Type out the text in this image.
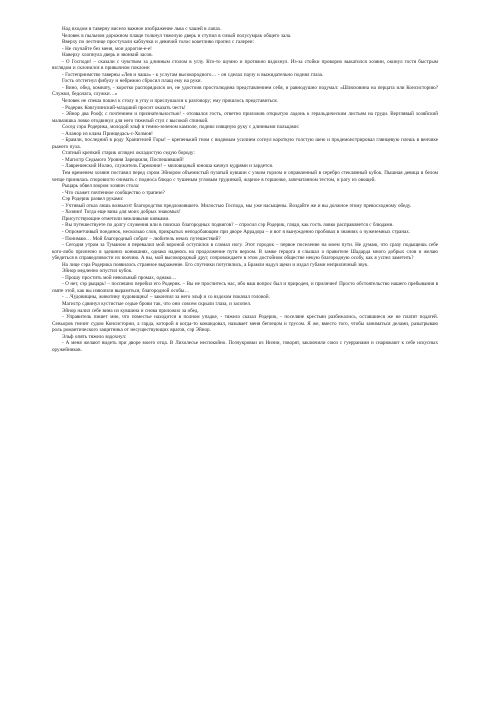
Над входом в таверну висело важное изображение льва с чашей в лапах.

Человек в пыльном дорожном плаще толкнул тяжелую дверь и ступил в сизый полусумрак общего зала.

Вверху по лестнице простучали каблучки и девичий голос кокетливо пропел с галереи:

- Не скучайте без меня, мои дорогие-е-е!

Наверху хлопнула дверь и звонкий засов.

- О Господи! – сказали с чувством за длинным столом в углу. Кто-то шумно и протяжно вздохнул. Из-за стойки проворно выкатился хозяин, окинул гостя быстрым взглядом и склонился в привычном поклоне:

- Гостеприимство таверны «Лев и чаша» - к услугам высокородного… - он сделал паузу и выжидательно поднял глаза.

Гость отстегнул фибулу и небрежно сбросил плащ ему на руки.

- Вино, обед, комнату, - коротко распорядился он, не удостоив простолюдина представлением себя, и равнодушно подумал: «Шлюховина на перцата или Консисторию? Служки, бедолага, служки…»

Человек не спеша пошел к столу в углу и прислушался к разговору; ему пришлось представиться.

- Родерик Ковгулинский-младший просит оказать честь!

- Эйнор два Рооф; с почтением и признательностью! - отозвался гость, ответно приложив открытую ладонь к геральдическим листьям на груди. Вертлявый хозяйский мальчишка ловко отодвинул для него тяжелый стул с высокой спинкой.

Сосед сэра Родерика, молодой эльф в темно-зеленом камзоле, поднял изящную руку с длинными пальцами:

- Аланор из клана Принцедась-с-Холмов!

- Брамли, последний в роду Хранителей Горы! – крепенький гном с видимым усилием согнул короткую толстую шею и продемонстрировал глянцевую плешь в венчике рыжего пуха.

Статный крепкий старик оглядел окладистую седую бороду:

- Магистр Седьмого Уровня Зарецкиля, Поспешивший!

- Лавренинский Иолио, служитель Гармонии! – миловидный юноша качнул кудрями и зардется.

Тем временем хозяин поставил перед сэром Эйнором объемистый пузатый кувшин с узким горлом и оправленный в серебро стеклянный кубок. Пышная девица в белом чепце принялась споровисто снимать с подноса блюдо с тушеным угловым грудинкой, жарное в горшочке, запечатанном тестом, и рагу из овощей.

Рыцарь обвел взором хозяин стола:

- Что скажет почтенное сообщество о трапезе?

Сэр Родерик развел руками:

- Учтивый отказ лишь возвысит благородство предложившего. Милостью Господа, мы уже насыщены. Воздайте же и вы должное этому превосходному обеду.

- Хозяин! Тогда еще вина для моих добрых знакомых!

Присутствующие отметили вежливыми кивками.

- Вы путешествуете по долгу служения или в поисках благородных подвигов? – спросил сэр Родерик, глядя, как гость ловко расправляется с блюдами.

- Опрометчивый поединок, несколько слов, прикрытых неподобающим при дворе Аррадора – и вот я вынужденно пробовал в знаниях о чужеземных странах.

- Понимаю… Мой благородный собрат – любитель неких путешествий?

- Сегодня утром за Туманом я перевалил мой вороной оступился в сломал ногу. Этот городок – первое поселение на моем пути. Не думаю, что сразу подыщешь себе кого-либо прилично в здешних конюшнях, однако надеюсь на продолжение пути верхом. В замке герцога я слышал о правителе Шадарда много добрых слов и желаю убедиться в справедливости их воочию. А вы, мой высокородный друг, сопровождаете в этом достойном обществе некую благородную особу, как я успел заметить?

На лице сэра Родерика появилось странное выражение. Его спутники потупились, а Брамли надул щеки и издал губами неприличный звук.

Эйнор медленно опустил кубок.

- Прошу простить мой невольный промах, однако…

- О нет, сэр рыцарь! – поспешно перебил его Родерик. – Вы не просчитесь нас, ибо ваш вопрос был и природен, и приличен! Просто обстоятельство нашего пребывания в святе этой, как вы изволили выразиться, благородной особы…

- …Чудовищны, животину чудовищны! – закончил за него эльф и со вздохом покачал головой.

Магистр сдвинул кустистые седые брови так, что они совсем скрыли глаза, и засопел.

Эйнор налил себе вина из кувшина и снова приложил за обед.

- Управитель пишет мне, что поместье находится в полном упадке, - тяжело сказал Родерик, - поселяне крестьян разбежались, оставшиеся же не платят податей. Сеньоров гнезит судом Консистории, а гарда, которой я когда-то командовал, называет меня беглецом и трусом. Я же, вместо того, чтобы заниматься делами, разыгрываю роль романтического защитника от несуществующих врагов, сэр Эйнор.

Эльф опять тяжело вздохнул:

- А меня желают видеть при дворе моего отца. В Лихолесье неспокойно. Позчукровки из Ниэни, говорят, заключили союз с гуерранами и снаряжают к себе искусных оружейников.
